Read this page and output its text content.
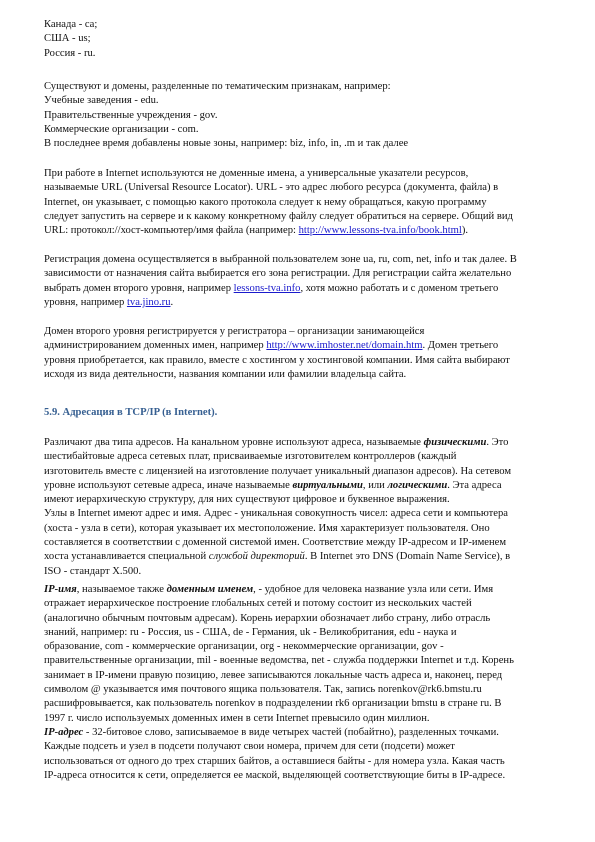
Канада - ca;
США - us;
Россия - ru.
Существуют и домены, разделенные по тематическим признакам, например:
Учебные заведения - edu.
Правительственные учреждения - gov.
Коммерческие организации - com.
В последнее время добавлены новые зоны, например: biz, info, in, .m и так далее
При работе в Internet используются не доменные имена, а универсальные указатели ресурсов,
называемые URL (Universal Resource Locator). URL - это адрес любого ресурса (документа, файла) в
Internet, он указывает, с помощью какого протокола следует к нему обращаться, какую программу
следует запустить на сервере и к какому конкретному файлу следует обратиться на сервере. Общий вид
URL: протокол://хост-компьютер/имя файла (например: http://www.lessons-tva.info/book.html).
Регистрация домена осуществляется в выбранной пользователем зоне ua, ru, com, net, info и так далее. В
зависимости от назначения сайта выбирается его зона регистрации. Для регистрации сайта желательно
выбрать домен второго уровня, например lessons-tva.info, хотя можно работать и с доменом третьего
уровня, например tva.jino.ru.
Домен второго уровня регистрируется у регистратора – организации занимающейся
администрированием доменных имен, например http://www.imhoster.net/domain.htm. Домен третьего
уровня приобретается, как правило, вместе с хостингом у хостинговой компании. Имя сайта выбирают
исходя из вида деятельности, названия компании или фамилии владельца сайта.
5.9. Адресация в TCP/IP (в Internet).
Различают два типа адресов. На канальном уровне используют адреса, называемые физическими. Это
шестибайтовые адреса сетевых плат, присваиваемые изготовителем контроллеров (каждый
изготовитель вместе с лицензией на изготовление получает уникальный диапазон адресов). На сетевом
уровне используют сетевые адреса, иначе называемые виртуальными, или логическими. Эта адреса
имеют иерархическую структуру, для них существуют цифровое и буквенное выражения.
Узлы в Internet имеют адрес и имя. Адрес - уникальная совокупность чисел: адреса сети и компьютера
(хоста - узла в сети), которая указывает их местоположение. Имя характеризует пользователя. Оно
составляется в соответствии с доменной системой имен. Соответствие между IP-адресом и IP-именем
хоста устанавливается специальной службой директорий. В Internet это DNS (Domain Name Service), в
ISO - стандарт Х.500.
IP-имя, называемое также доменным именем, - удобное для человека название узла или сети. Имя
отражает иерархическое построение глобальных сетей и потому состоит из нескольких частей
(аналогично обычным почтовым адресам). Корень иерархии обозначает либо страну, либо отрасль
знаний, например: ru - Россия, us - США, de - Германия, uk - Великобритания, edu - наука и
образование, com - коммерческие организации, org - некоммерческие организации, gov -
правительственные организации, mil - военные ведомства, net - служба поддержки Internet и т.д. Корень
занимает в IP-имени правую позицию, левее записываются локальные часть адреса и, наконец, перед
символом @ указывается имя почтового ящика пользователя. Так, запись norenkov@rk6.bmstu.ru
расшифровывается, как пользователь norenkov в подразделении rk6 организации bmstu в стране ru. В
1997 г. число используемых доменных имен в сети Internet превысило один миллион.
IP-адрес - 32-битовое слово, записываемое в виде четырех частей (побайтно), разделенных точками.
Каждые подсеть и узел в подсети получают свои номера, причем для сети (подсети) может
использоваться от одного до трех старших байтов, а оставшиеся байты - для номера узла. Какая часть
IP-адреса относится к сети, определяется ее маской, выделяющей соответствующие биты в IP-адресе.
